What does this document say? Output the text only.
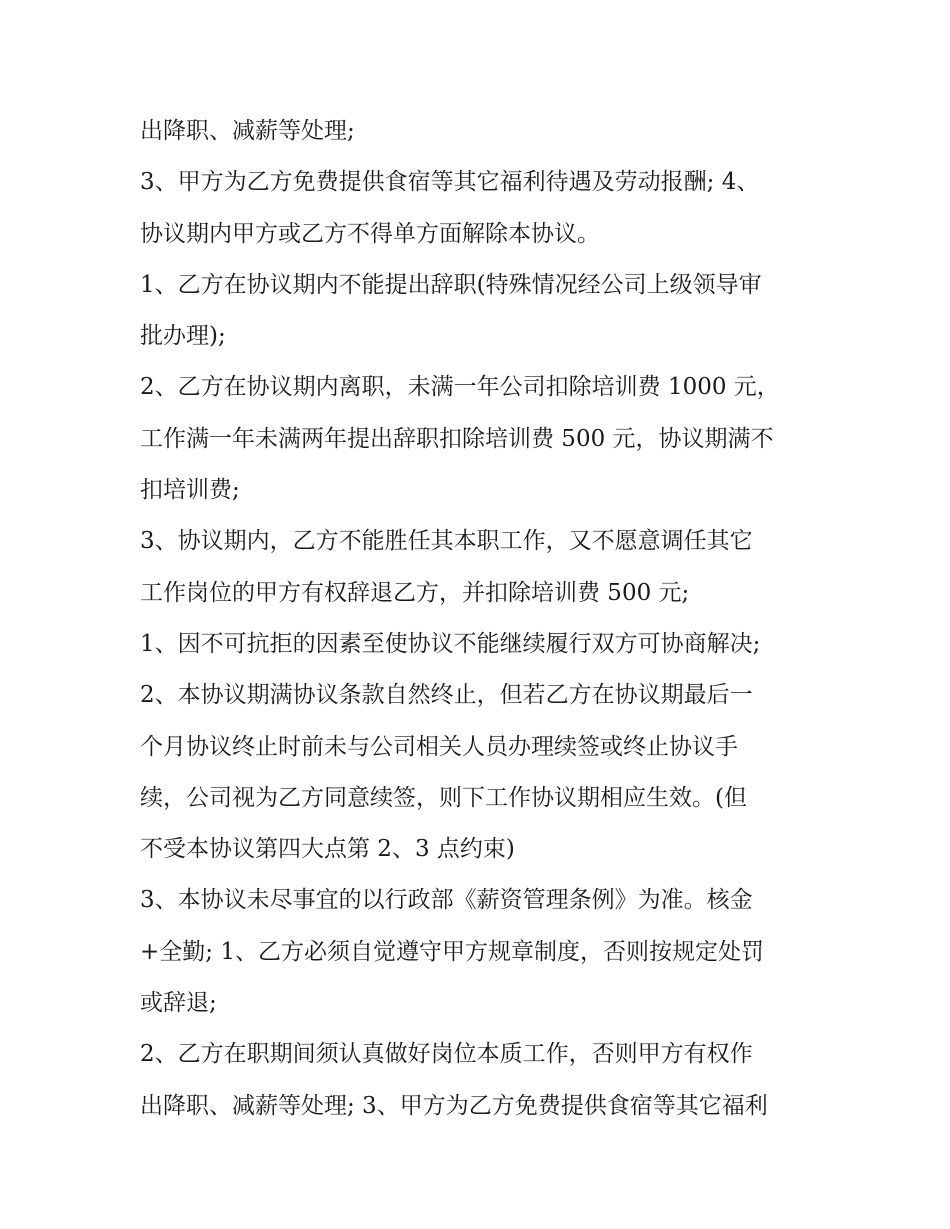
出降职、减薪等处理;
3、甲方为乙方免费提供食宿等其它福利待遇及劳动报酬; 4、
协议期内甲方或乙方不得单方面解除本协议。
1、乙方在协议期内不能提出辞职(特殊情况经公司上级领导审
批办理);
2、乙方在协议期内离职，未满一年公司扣除培训费 1000 元，
工作满一年未满两年提出辞职扣除培训费 500 元，协议期满不
扣培训费;
3、协议期内，乙方不能胜任其本职工作，又不愿意调任其它
工作岗位的甲方有权辞退乙方，并扣除培训费 500 元;
1、因不可抗拒的因素至使协议不能继续履行双方可协商解决;
2、本协议期满协议条款自然终止，但若乙方在协议期最后一
个月协议终止时前未与公司相关人员办理续签或终止协议手
续，公司视为乙方同意续签，则下工作协议期相应生效。(但
不受本协议第四大点第 2、3 点约束)
3、本协议未尽事宜的以行政部《薪资管理条例》为准。核金
+全勤; 1、乙方必须自觉遵守甲方规章制度，否则按规定处罚
或辞退;
2、乙方在职期间须认真做好岗位本质工作，否则甲方有权作
出降职、减薪等处理; 3、甲方为乙方免费提供食宿等其它福利
